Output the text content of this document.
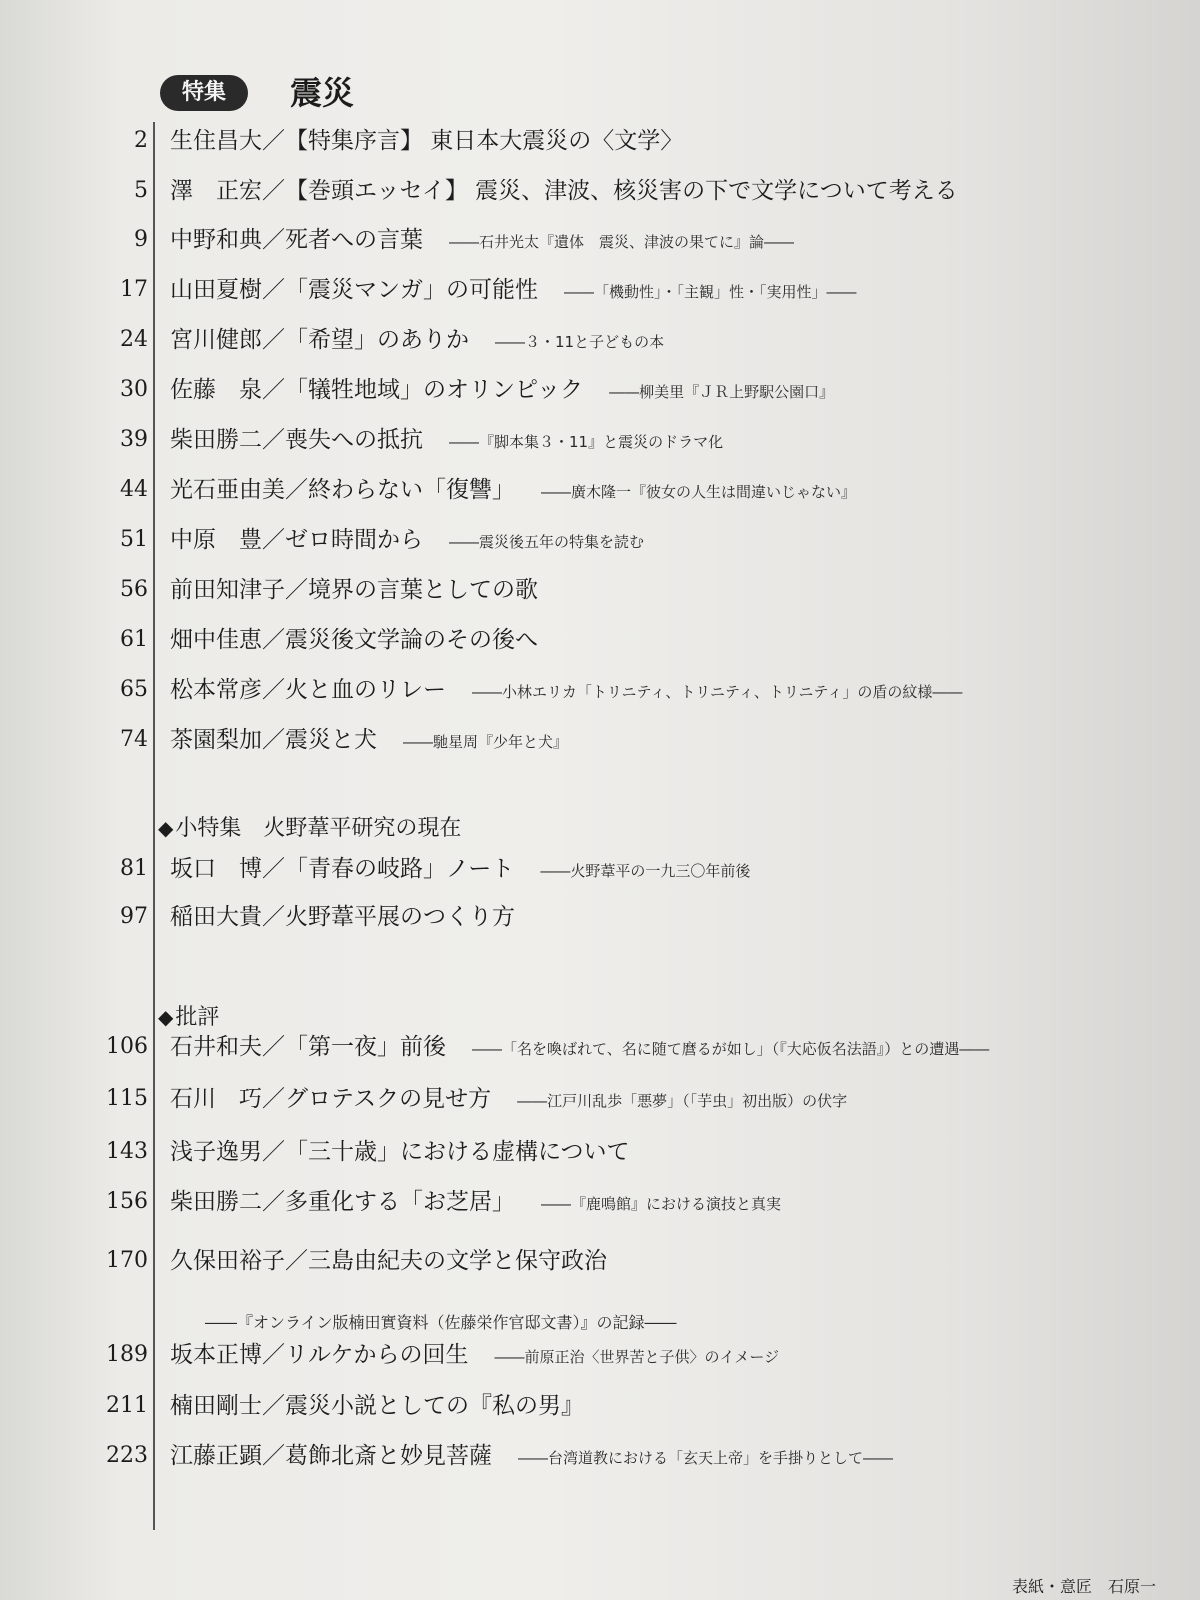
特集	震災
◆小特集　火野葦平研究の現在
◆批評
2 生住昌大／【特集序言】 東日本大震災の〈文学〉
5 澤　正宏／【巻頭エッセイ】 震災、津波、核災害の下で文学について考える
9 中野和典／死者への言葉 ――石井光太『遺体　震災、津波の果てに』論――
17 山田夏樹／「震災マンガ」の可能性 ――「機動性」・「主観」性・「実用性」――
24 宮川健郎／「希望」のありか ――３・11と子どもの本
30 佐藤　泉／「犠牲地域」のオリンピック ――柳美里『ＪＲ上野駅公園口』
39 柴田勝二／喪失への抵抗 ――『脚本集３・11』と震災のドラマ化
44 光石亜由美／終わらない「復讐」 ――廣木隆一『彼女の人生は間違いじゃない』
51 中原　豊／ゼロ時間から ――震災後五年の特集を読む
56 前田知津子／境界の言葉としての歌
61 畑中佳恵／震災後文学論のその後へ
65 松本常彦／火と血のリレー ――小林エリカ「トリニティ、トリニティ、トリニティ」の盾の紋様――
74 茶園梨加／震災と犬 ――馳星周『少年と犬』
81 坂口　博／「青春の岐路」ノート ――火野葦平の一九三〇年前後
97 稲田大貴／火野葦平展のつくり方
106 石井和夫／「第一夜」前後 ――「名を喚ばれて、名に随て麿るが如し」（『大応仮名法語』）との遭遇――
115 石川　巧／グロテスクの見せ方 ――江戸川乱歩「悪夢」（「芋虫」初出版）の伏字
143 浅子逸男／「三十歳」における虚構について
156 柴田勝二／多重化する「お芝居」 ――『鹿鳴館』における演技と真実
170 久保田裕子／三島由紀夫の文学と保守政治
189 坂本正博／リルケからの回生 ――前原正治〈世界苦と子供〉のイメージ
211 楠田剛士／震災小説としての『私の男』
223 江藤正顕／葛飾北斎と妙見菩薩 ――台湾道教における「玄天上帝」を手掛りとして――
――『オンライン版楠田實資料（佐藤栄作官邸文書）』の記録――
表紙・意匠　石原一
